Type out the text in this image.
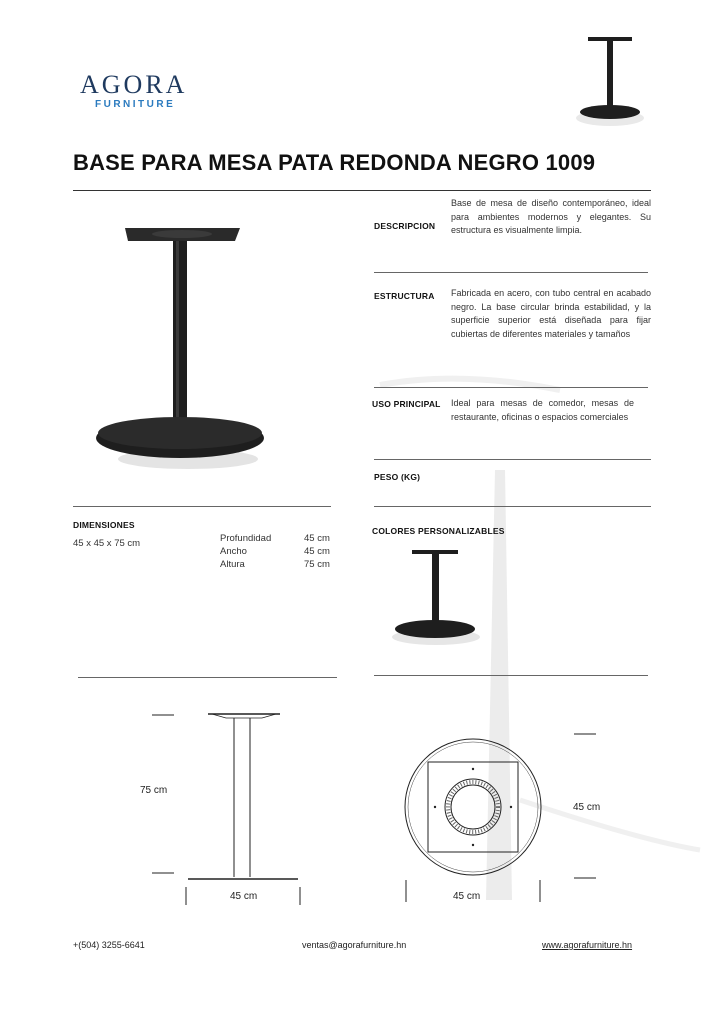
AGORA
FURNITURE
BASE PARA MESA PATA REDONDA NEGRO 1009
DESCRIPCION
Base de mesa de diseño contemporáneo, ideal para ambientes modernos y elegantes. Su estructura es visualmente limpia.
ESTRUCTURA Fabricada en acero, con tubo central en acabado negro. La base circular brinda estabilidad, y la superficie superior está diseñada para fijar cubiertas de diferentes materiales y tamaños
USO PRINCIPAL Ideal para mesas de comedor, mesas de restaurante, oficinas o espacios comerciales
PESO (KG)
COLORES PERSONALIZABLES
DIMENSIONES
45 x 45 x 75 cm	Profundidad	45 cm
Ancho	45 cm
Altura	75 cm
75 cm
45 cm
45 cm
45 cm
+(504) 3255-6641	ventas@agorafurniture.hn	www.agorafurniture.hn
